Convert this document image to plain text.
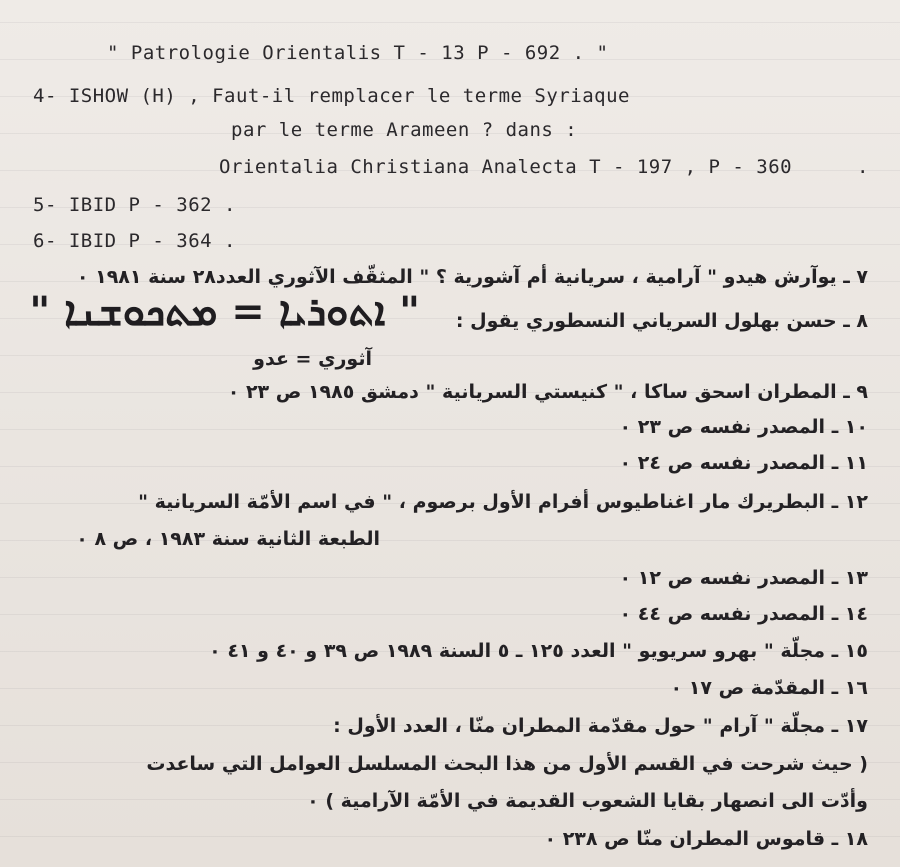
" Patrologie Orientalis T - 13 P - 692 . "
4- ISHOW (H) , Faut-il remplacer le terme Syriaque
par le terme Arameen ? dans :
Orientalia Christiana Analecta T - 197 , P - 360	.
5- IBID P - 362 .
6- IBID P - 364 .
٧ ـ يوآرش هيدو " آرامية ، سريانية أم آشورية ؟ " المثقّف الآثوري العدد٢٨ سنة ١٩٨١ ٠
٨ ـ حسن بهلول السرياني النسطوري يقول :
" ܐܬܘܪܝܐ = ܡܬܟܘܫܢܐ "
آثوري = عدو
٩ ـ المطران اسحق ساكا ، " كنيستي السريانية " دمشق ١٩٨٥ ص ٢٣ ٠
١٠ ـ المصدر نفسه ص ٢٣ ٠
١١ ـ المصدر نفسه ص ٢٤ ٠
١٢ ـ البطريرك مار اغناطيوس أفرام الأول برصوم ، " في اسم الأمّة السريانية "
الطبعة الثانية سنة ١٩٨٣ ، ص ٨ ٠
١٣ ـ المصدر نفسه ص ١٢ ٠
١٤ ـ المصدر نفسه ص ٤٤ ٠
١٥ ـ مجلّة " بهرو سريويو " العدد ١٢٥ ـ ٥ السنة ١٩٨٩ ص ٣٩ و ٤٠ و ٤١ ٠
١٦ ـ المقدّمة ص ١٧ ٠
١٧ ـ مجلّة " آرام " حول مقدّمة المطران منّا ، العدد الأول :
( حيث شرحت في القسم الأول من هذا البحث المسلسل العوامل التي ساعدت
وأدّت الى انصهار بقايا الشعوب القديمة في الأمّة الآرامية ) ٠
١٨ ـ قاموس المطران منّا ص ٢٣٨ ٠
